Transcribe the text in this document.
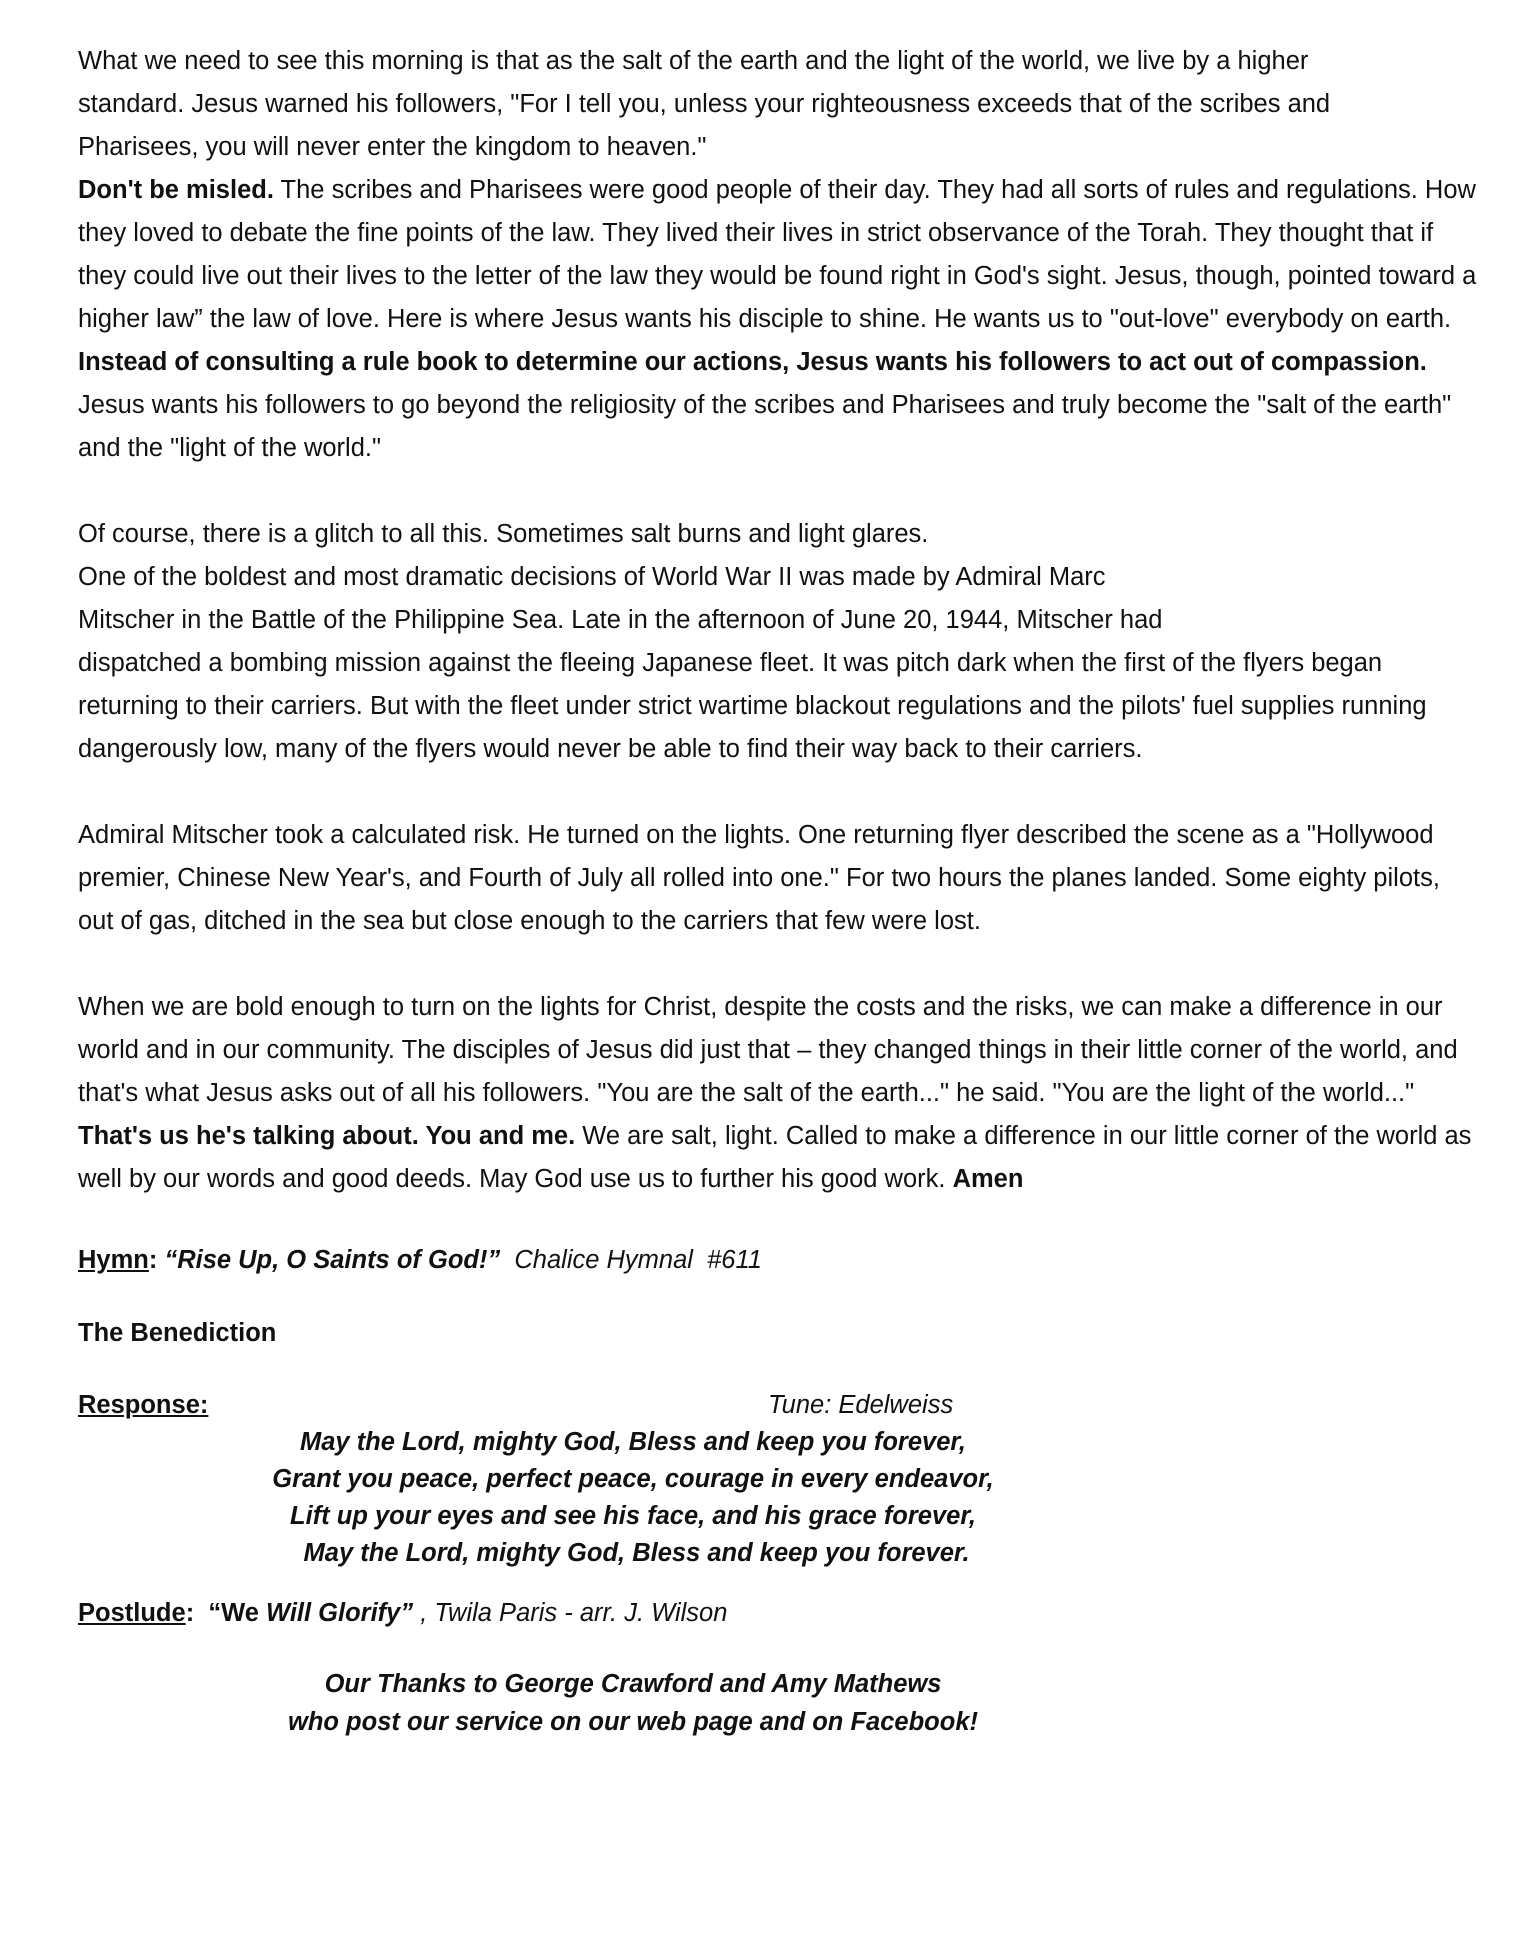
What we need to see this morning is that as the salt of the earth and the light of the world, we live by a higher
standard. Jesus warned his followers, "For I tell you, unless your righteousness exceeds that of the scribes and
Pharisees, you will never enter the kingdom to heaven."

Don't be misled. The scribes and Pharisees were good people of their day. They had all sorts of rules and regulations. How they loved to debate the fine points of the law. They lived their lives in strict observance of the Torah. They thought that if they could live out their lives to the letter of the law they would be found right in God's sight. Jesus, though, pointed toward a higher law” the law of love. Here is where Jesus wants his disciple to shine. He wants us to "out-love" everybody on earth. Instead of consulting a rule book to determine our actions, Jesus wants his followers to act out of compassion. Jesus wants his followers to go beyond the religiosity of the scribes and Pharisees and truly become the "salt of the earth" and the "light of the world."

Of course, there is a glitch to all this. Sometimes salt burns and light glares.
One of the boldest and most dramatic decisions of World War II was made by Admiral Marc
Mitscher in the Battle of the Philippine Sea. Late in the afternoon of June 20, 1944, Mitscher had
dispatched a bombing mission against the fleeing Japanese fleet. It was pitch dark when the first of the flyers began returning to their carriers. But with the fleet under strict wartime blackout regulations and the pilots' fuel supplies running dangerously low, many of the flyers would never be able to find their way back to their carriers.

Admiral Mitscher took a calculated risk. He turned on the lights. One returning flyer described the scene as a "Hollywood premier, Chinese New Year's, and Fourth of July all rolled into one." For two hours the planes landed. Some eighty pilots, out of gas, ditched in the sea but close enough to the carriers that few were lost.

When we are bold enough to turn on the lights for Christ, despite the costs and the risks, we can make a difference in our world and in our community. The disciples of Jesus did just that – they changed things in their little corner of the world, and that's what Jesus asks out of all his followers. "You are the salt of the earth..." he said. "You are the light of the world..." That's us he's talking about. You and me. We are salt, light. Called to make a difference in our little corner of the world as well by our words and good deeds. May God use us to further his good work. Amen

Hymn: “Rise Up, O Saints of God!”  Chalice Hymnal  #611
The Benediction
Response:	Tune: Edelweiss
May the Lord, mighty God, Bless and keep you forever,
Grant you peace, perfect peace, courage in every endeavor,
Lift up your eyes and see his face, and his grace forever,
May the Lord, mighty God, Bless and keep you forever.
Postlude:  “We Will Glorify” , Twila Paris - arr. J. Wilson
Our Thanks to George Crawford and Amy Mathews
who post our service on our web page and on Facebook!
